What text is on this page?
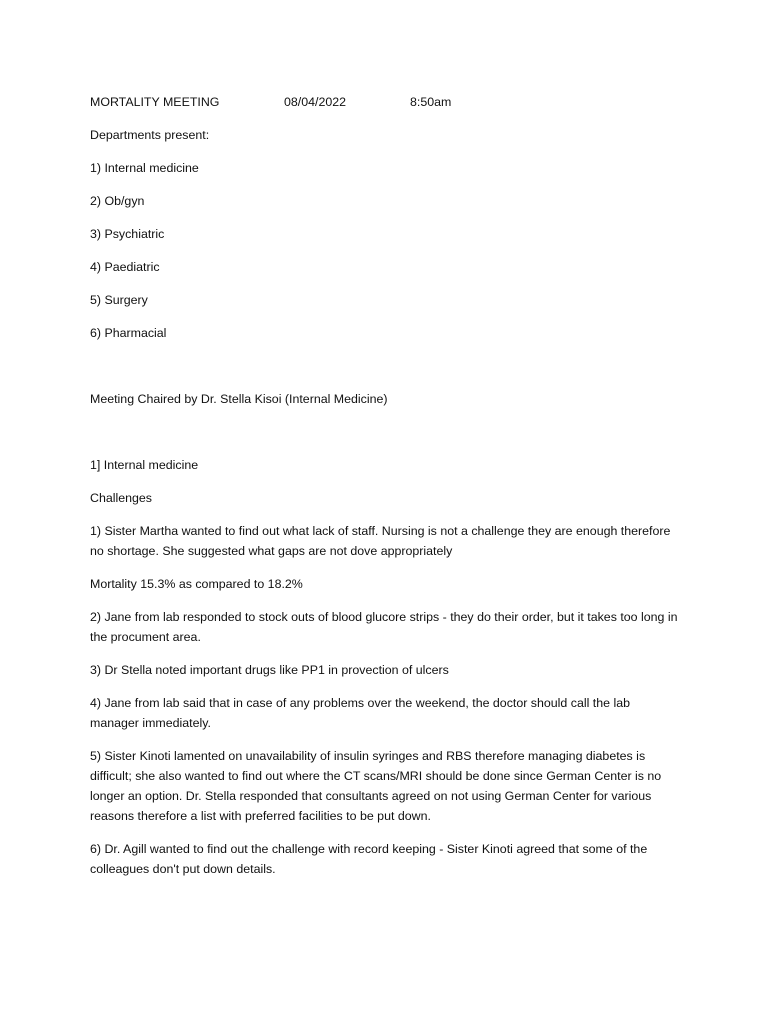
MORTALITY MEETING	08/04/2022	8:50am

Departments present:

1) Internal medicine

2) Ob/gyn

3) Psychiatric

4) Paediatric

5) Surgery

6) Pharmacial

Meeting Chaired by Dr. Stella Kisoi (Internal Medicine)

1] Internal medicine

Challenges

1) Sister Martha wanted to find out what lack of staff. Nursing is not a challenge they are enough therefore no shortage. She suggested what gaps are not dove appropriately

Mortality 15.3% as compared to 18.2%

2) Jane from lab responded to stock outs of blood glucore strips - they do their order, but it takes too long in the procument area.

3) Dr Stella noted important drugs like PP1 in provection of ulcers

4) Jane from lab said that in case of any problems over the weekend, the doctor should call the lab manager immediately.

5) Sister Kinoti lamented on unavailability of insulin syringes and RBS therefore managing diabetes is difficult; she also wanted to find out where the CT scans/MRI should be done since German Center is no longer an option. Dr. Stella responded that consultants agreed on not using German Center for various reasons therefore a list with preferred facilities to be put down.

6) Dr. Agill wanted to find out the challenge with record keeping - Sister Kinoti agreed that some of the colleagues don't put down details.
